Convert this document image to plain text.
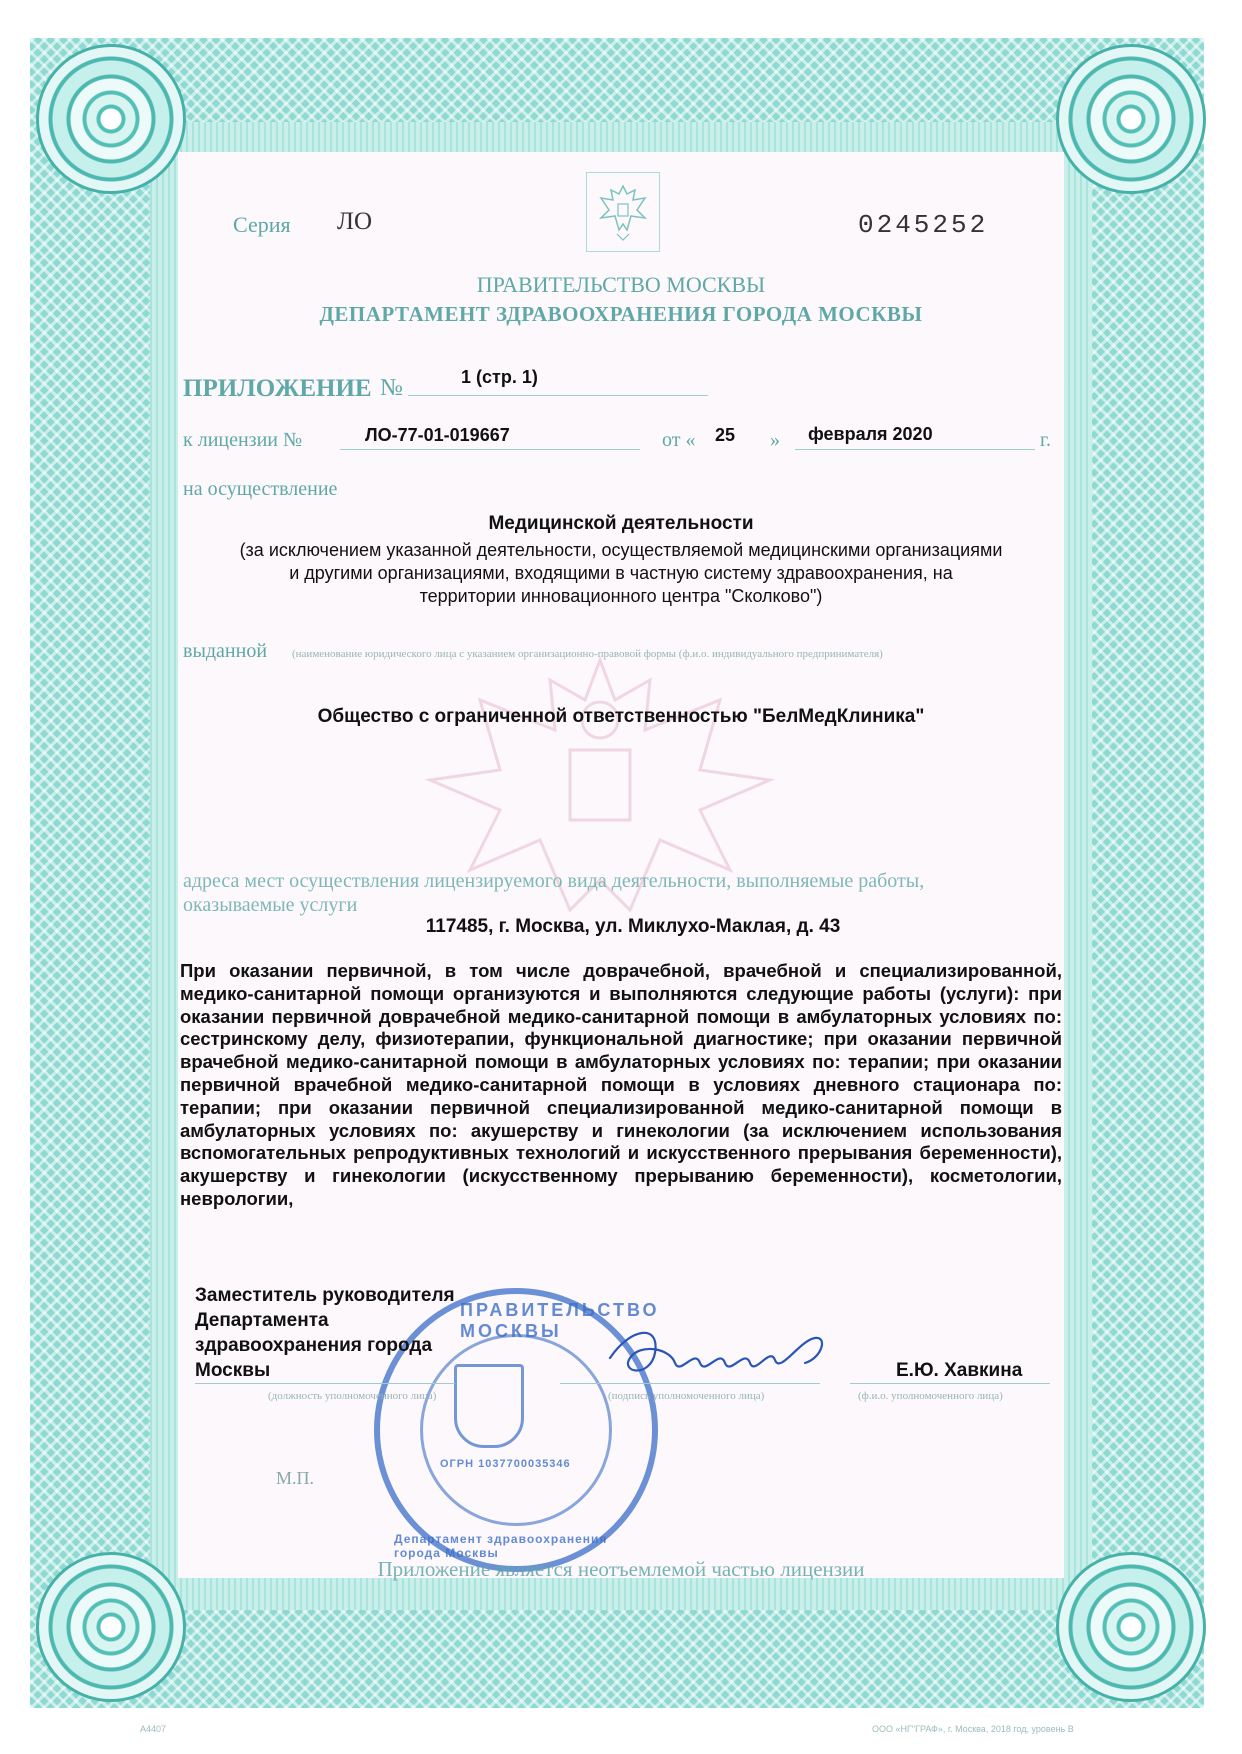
Серия ЛО	0245252
ПРАВИТЕЛЬСТВО МОСКВЫ
ДЕПАРТАМЕНТ ЗДРАВООХРАНЕНИЯ ГОРОДА МОСКВЫ
ПРИЛОЖЕНИЕ №	1 (стр. 1)
к лицензии №	ЛО-77-01-019667	от « 25 » февраля 2020	г.
на осуществление
Медицинской деятельности
(за исключением указанной деятельности, осуществляемой медицинскими организациями
и другими организациями, входящими в частную систему здравоохранения, на
территории инновационного центра "Сколково")
выданной (наименование юридического лица с указанием организационно-правовой формы (ф.и.о. индивидуального предпринимателя)
Общество с ограниченной ответственностью "БелМедКлиника"
адреса мест осуществления лицензируемого вида деятельности, выполняемые работы,
оказываемые услуги
117485, г. Москва, ул. Миклухо-Маклая, д. 43
При оказании первичной, в том числе доврачебной, врачебной и специализированной, медико-санитарной помощи организуются и выполняются следующие работы (услуги): при оказании первичной доврачебной медико-санитарной помощи в амбулаторных условиях по: сестринскому делу, физиотерапии, функциональной диагностике; при оказании первичной врачебной медико-санитарной помощи в амбулаторных условиях по: терапии; при оказании первичной врачебной медико-санитарной помощи в условиях дневного стационара по: терапии; при оказании первичной специализированной медико-санитарной помощи в амбулаторных условиях по: акушерству и гинекологии (за исключением использования вспомогательных репродуктивных технологий и искусственного прерывания беременности), акушерству и гинекологии (искусственному прерыванию беременности), косметологии, неврологии,
ПРАВИТЕЛЬСТВО МОСКВЫ
Департамент здравоохранения города Москвы
ОГРН 1037700035346
Заместитель руководителя
Департамента
здравоохранения города
Москвы	Е.Ю. Хавкина
(должность уполномоченного лица)	(подпись уполномоченного лица)	(ф.и.о. уполномоченного лица)
М.П.
Приложение является неотъемлемой частью лицензии
A4407	ООО «НГ"ГРАФ», г. Москва, 2018 год, уровень В
